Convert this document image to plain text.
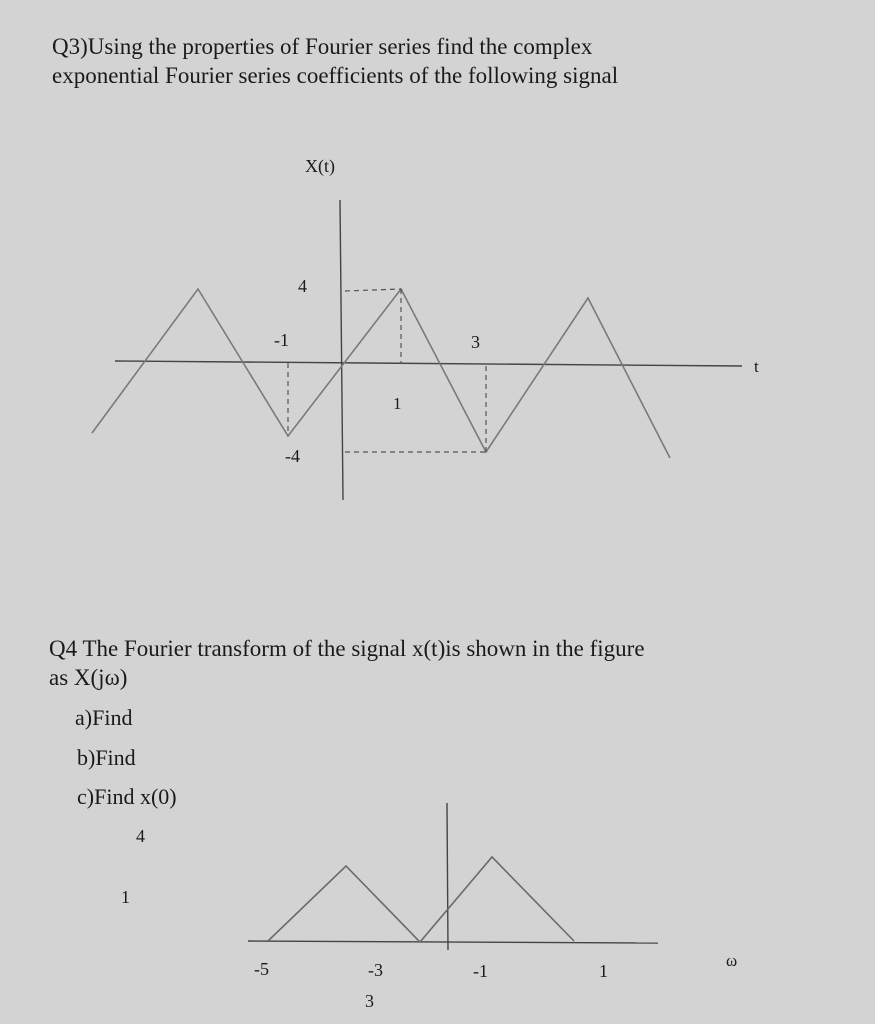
Q3)Using the properties of Fourier series find the complex
exponential Fourier series coefficients of the following signal
X(t)
4
-1	3
1
-4
t
Q4 The Fourier transform of the signal x(t)is shown in the figure
as X(jω)
a)Find
b)Find
c)Find x(0)
4
1
-5	-3	-1	1
3
ω
